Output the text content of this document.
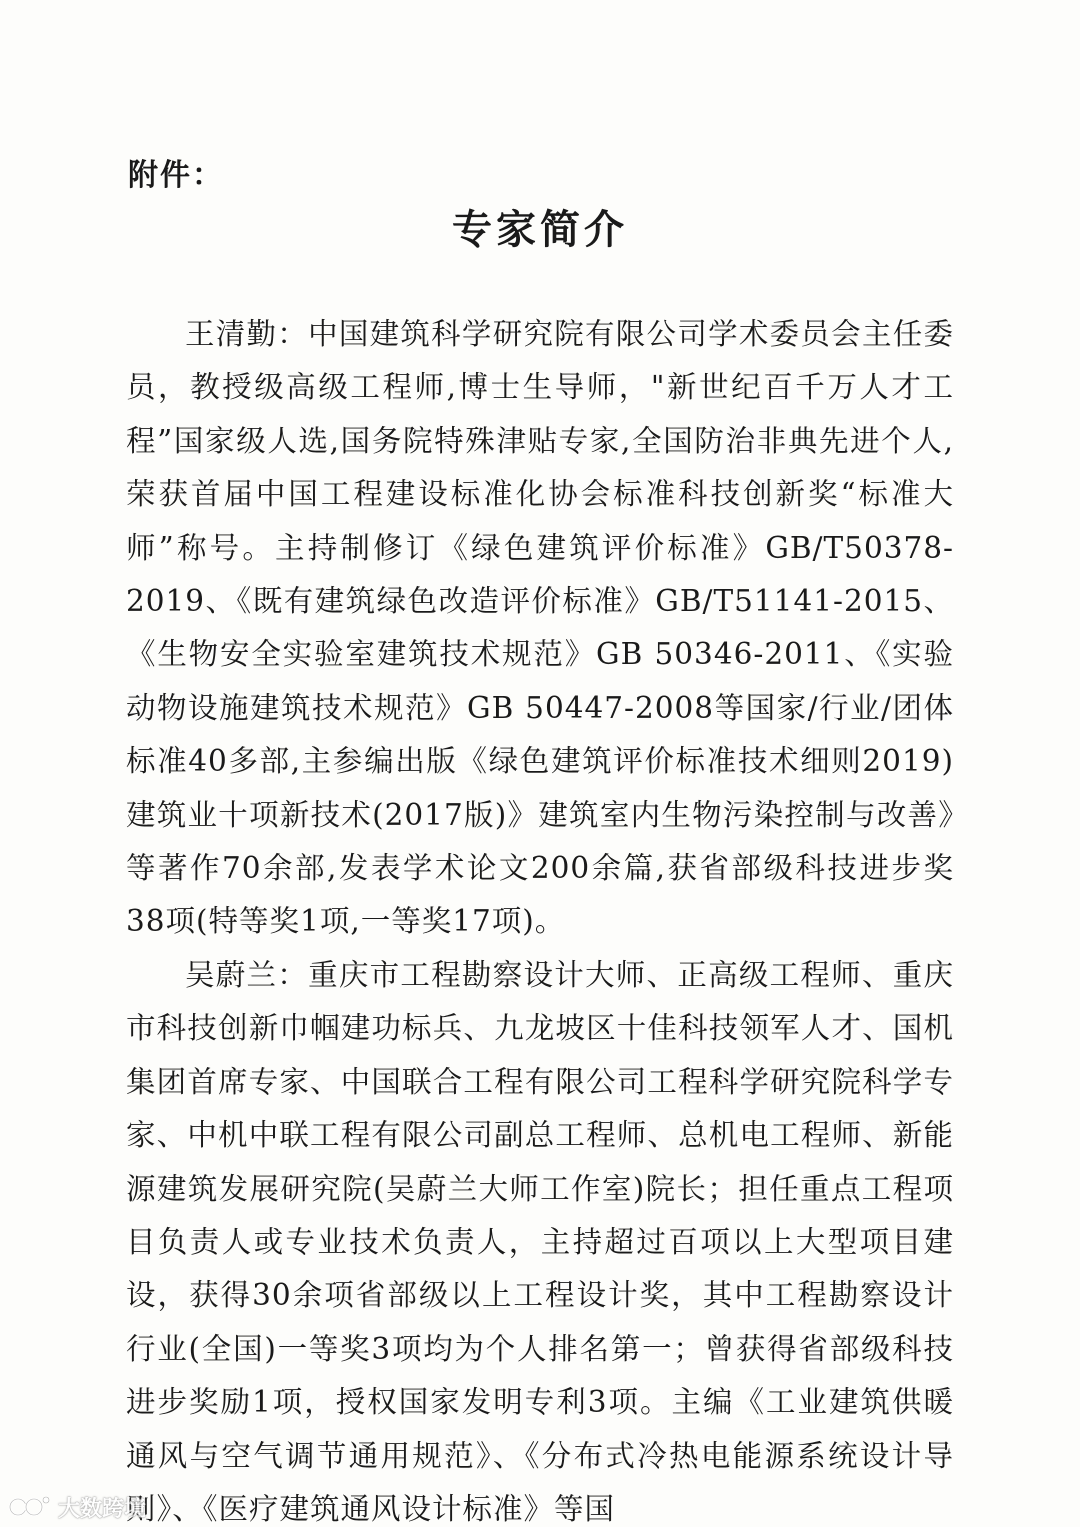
附件：
专家简介

王清勤：中国建筑科学研究院有限公司学术委员会主任委员，教授级高级工程师,博士生导师，"新世纪百千万人才工程”国家级人选,国务院特殊津贴专家,全国防治非典先进个人,荣获首届中国工程建设标准化协会标准科技创新奖“标准大师”称号。主持制修订《绿色建筑评价标准》GB/T50378-2019、《既有建筑绿色改造评价标准》GB/T51141-2015、《生物安全实验室建筑技术规范》GB 50346-2011、《实验动物设施建筑技术规范》GB 50447-2008等国家/行业/团体标准40多部,主参编出版《绿色建筑评价标准技术细则2019)建筑业十项新技术(2017版)》建筑室内生物污染控制与改善》等著作70余部,发表学术论文200余篇,获省部级科技进步奖38项(特等奖1项,一等奖17项)。

吴蔚兰：重庆市工程勘察设计大师、正高级工程师、重庆市科技创新巾帼建功标兵、九龙坡区十佳科技领军人才、国机集团首席专家、中国联合工程有限公司工程科学研究院科学专家、中机中联工程有限公司副总工程师、总机电工程师、新能源建筑发展研究院(吴蔚兰大师工作室)院长；担任重点工程项目负责人或专业技术负责人，主持超过百项以上大型项目建设，获得30余项省部级以上工程设计奖，其中工程勘察设计行业(全国)一等奖3项均为个人排名第一；曾获得省部级科技进步奖励1项，授权国家发明专利3项。主编《工业建筑供暖通风与空气调节通用规范》、《分布式冷热电能源系统设计导则》、《医疗建筑通风设计标准》等国

大数跨境
